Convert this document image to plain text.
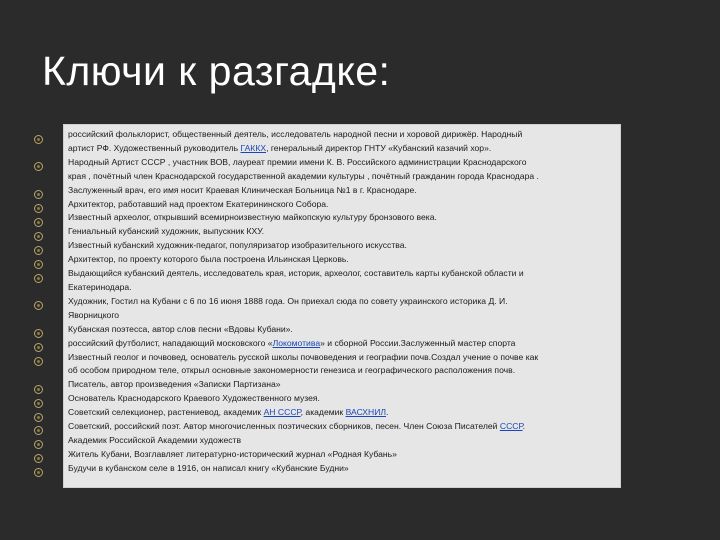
Ключи к разгадке:
российский фольклорист, общественный деятель, исследователь народной песни и хоровой дирижёр. Народный
артист РФ. Художественный руководитель ГАККХ, генеральный директор ГНТУ «Кубанский казачий хор».
Народный Артист СССР , участник ВОВ, лауреат премии имени К. В. Российского администрации Краснодарского
края , почётный член Краснодарской государственной академии культуры , почётный гражданин города Краснодара .
Заслуженный врач, его имя носит Краевая Клиническая Больница №1 в г. Краснодаре.
Архитектор, работавший над проектом Екатерининского Собора.
Известный археолог, открывший всемирноизвестную майкопскую культуру бронзового века.
Гениальный кубанский художник, выпускник КХУ.
Известный кубанский художник-педагог, популяризатор изобразительного искусства.
Архитектор, по проекту которого была построена Ильинская Церковь.
Выдающийся кубанский деятель, исследователь края, историк, археолог, составитель карты кубанской области и
Екатеринодара.
Художник, Гостил на Кубани с 6 по 16 июня 1888 года. Он приехал сюда по совету украинского историка Д. И.
Яворницкого
Кубанская поэтесса, автор слов песни «Вдовы Кубани».
российский футболист, нападающий московского «Локомотива» и сборной России.Заслуженный мастер спорта
Известный геолог и почвовед, основатель русской школы почвоведения и географии почв.Создал учение о почве как
об особом природном теле, открыл основные закономерности генезиса и географического расположения почв.
Писатель, автор произведения «Записки Партизана»
Основатель Краснодарского Краевого Художественного музея.
Советский селекционер, растениевод, академик АН СССР, академик ВАСХНИЛ.
Советский, российский поэт. Автор многочисленных поэтических сборников, песен. Член Союза Писателей СССР.
Академик Российской Академии художеств
Житель Кубани, Возглавляет литературно-исторический журнал «Родная Кубань»
Будучи в кубанском селе в 1916, он написал книгу «Кубанские Будни»
